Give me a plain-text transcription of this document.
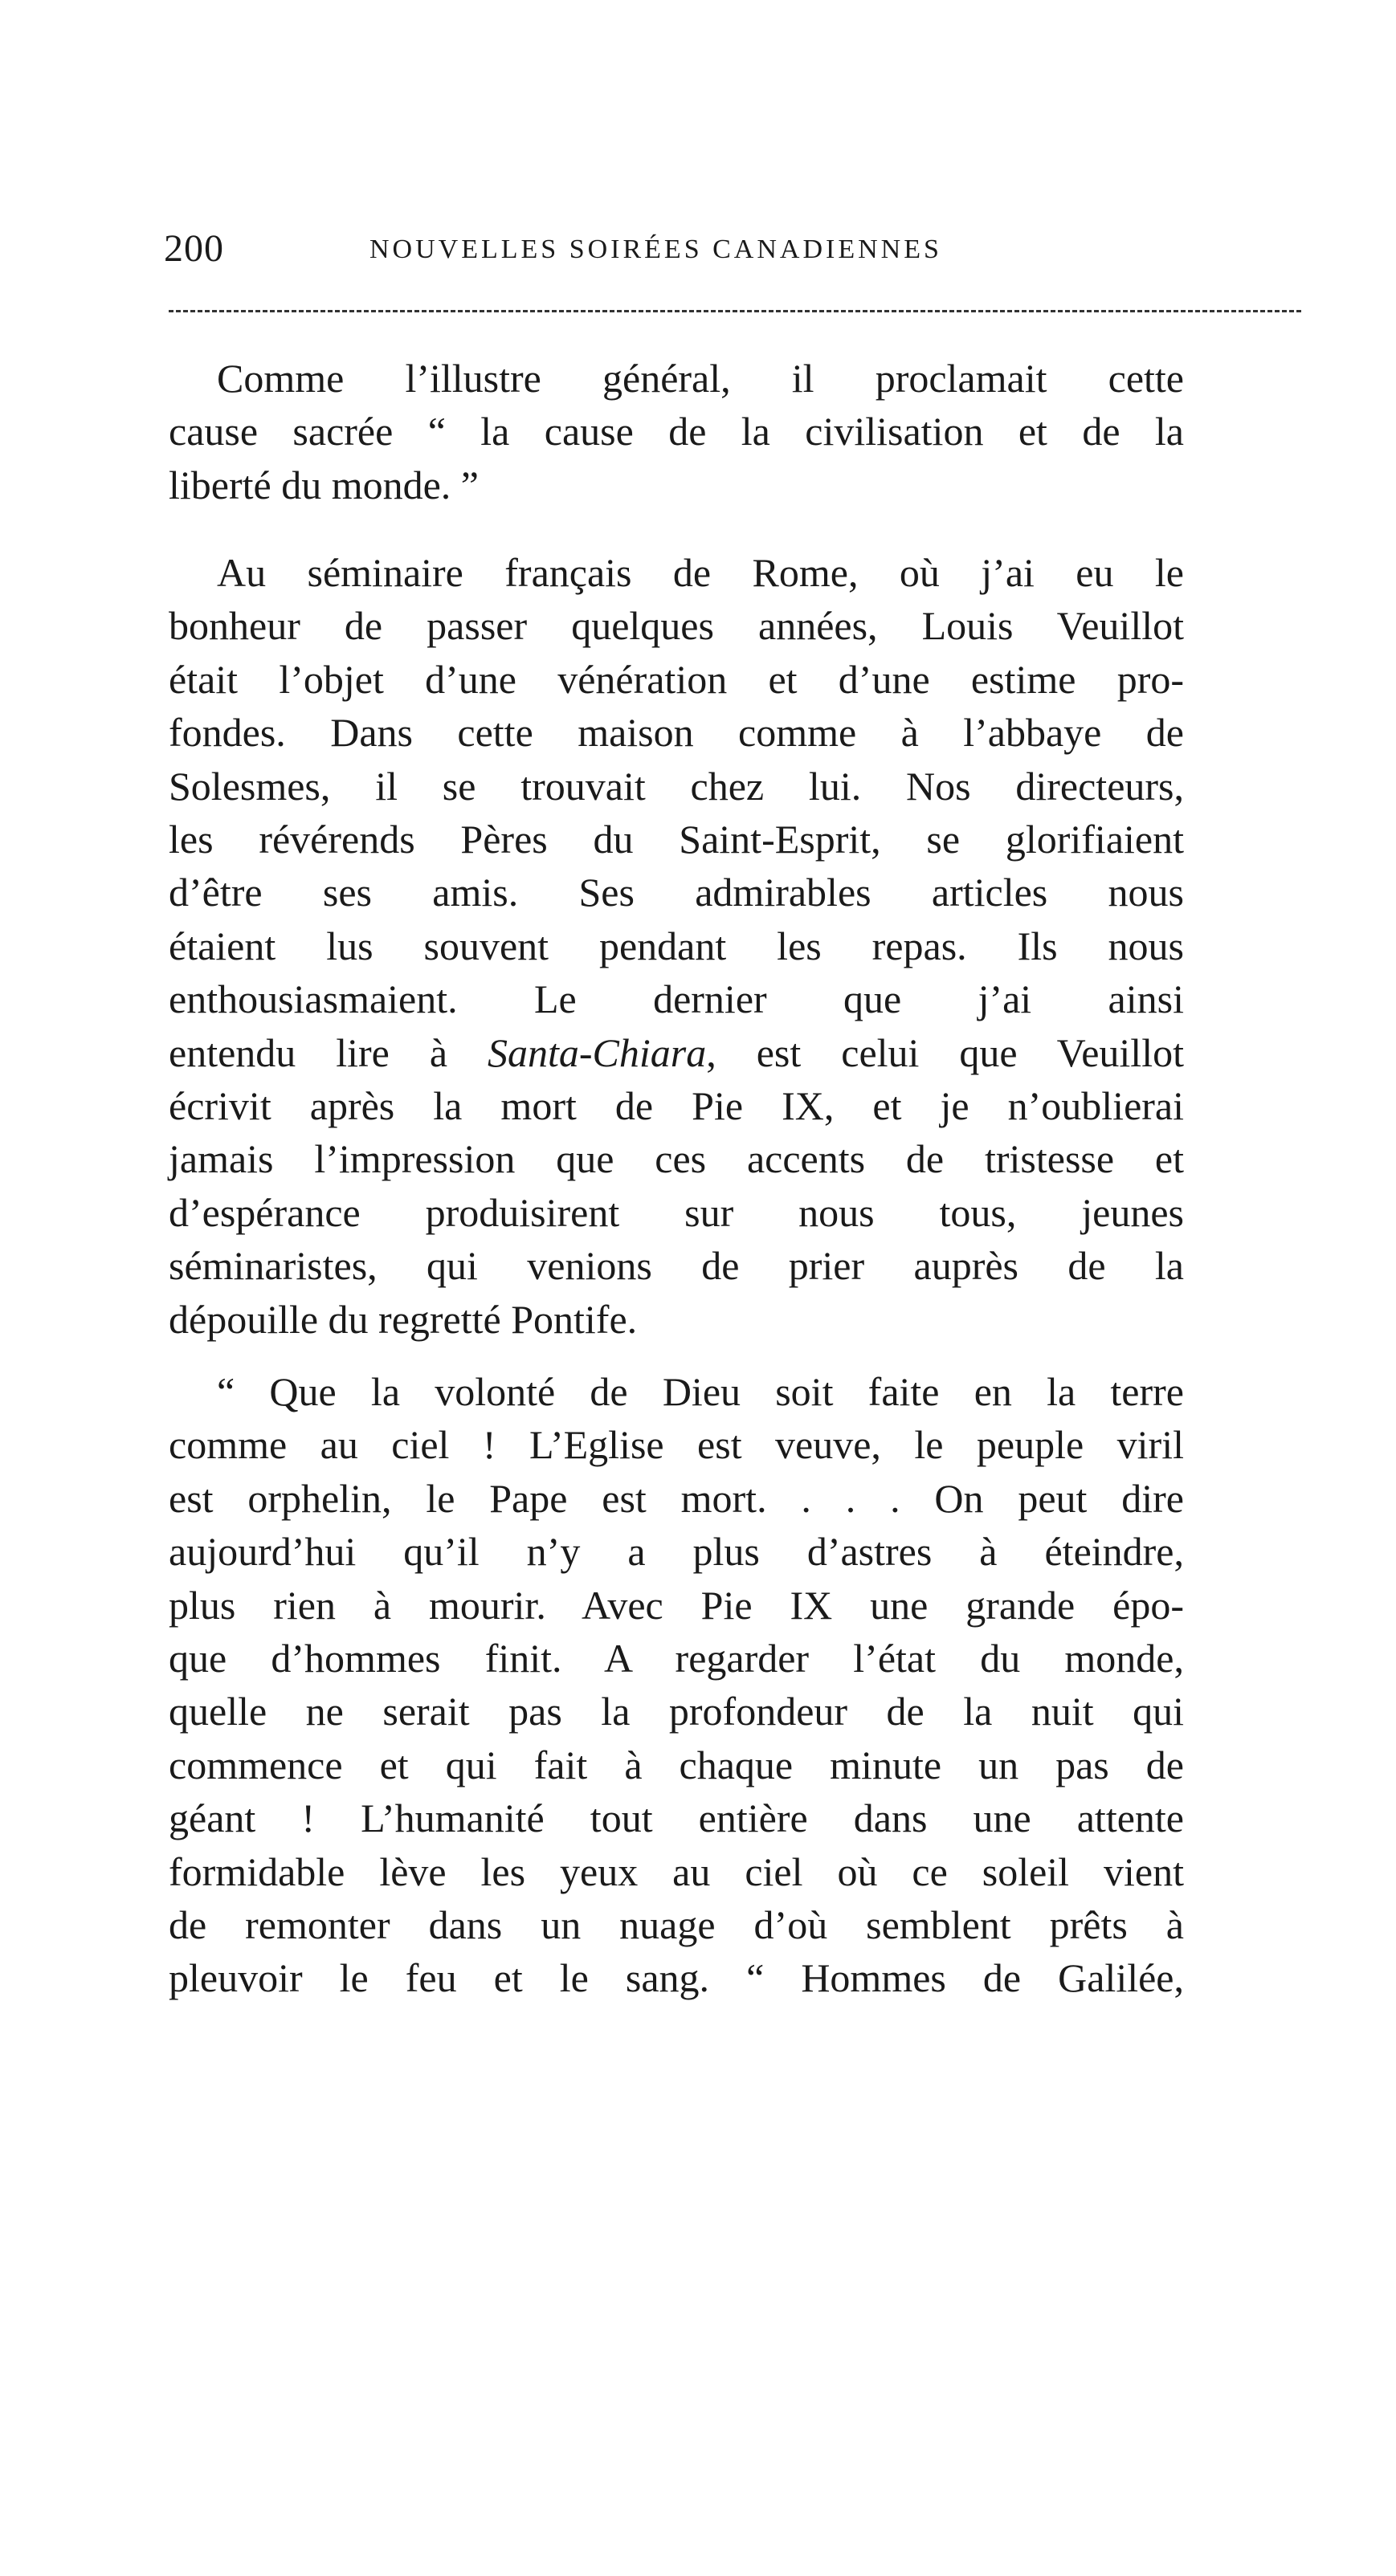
200	NOUVELLES SOIRÉES CANADIENNES
Comme l’illustre général, il proclamait cette
cause sacrée “ la cause de la civilisation et de la
liberté du monde. ”
Au séminaire français de Rome, où j’ai eu le
bonheur de passer quelques années, Louis Veuillot
était l’objet d’une vénération et d’une estime pro-
fondes. Dans cette maison comme à l’abbaye de
Solesmes, il se trouvait chez lui. Nos directeurs,
les révérends Pères du Saint-Esprit, se glorifiaient
d’être ses amis. Ses admirables articles nous
étaient lus souvent pendant les repas. Ils nous
enthousiasmaient. Le dernier que j’ai ainsi
entendu lire à Santa-Chiara, est celui que Veuillot
écrivit après la mort de Pie IX, et je n’oublierai
jamais l’impression que ces accents de tristesse et
d’espérance produisirent sur nous tous, jeunes
séminaristes, qui venions de prier auprès de la
dépouille du regretté Pontife.
“ Que la volonté de Dieu soit faite en la terre
comme au ciel ! L’Eglise est veuve, le peuple viril
est orphelin, le Pape est mort. . . . On peut dire
aujourd’hui qu’il n’y a plus d’astres à éteindre,
plus rien à mourir. Avec Pie IX une grande épo-
que d’hommes finit. A regarder l’état du monde,
quelle ne serait pas la profondeur de la nuit qui
commence et qui fait à chaque minute un pas de
géant ! L’humanité tout entière dans une attente
formidable lève les yeux au ciel où ce soleil vient
de remonter dans un nuage d’où semblent prêts à
pleuvoir le feu et le sang. “ Hommes de Galilée,
